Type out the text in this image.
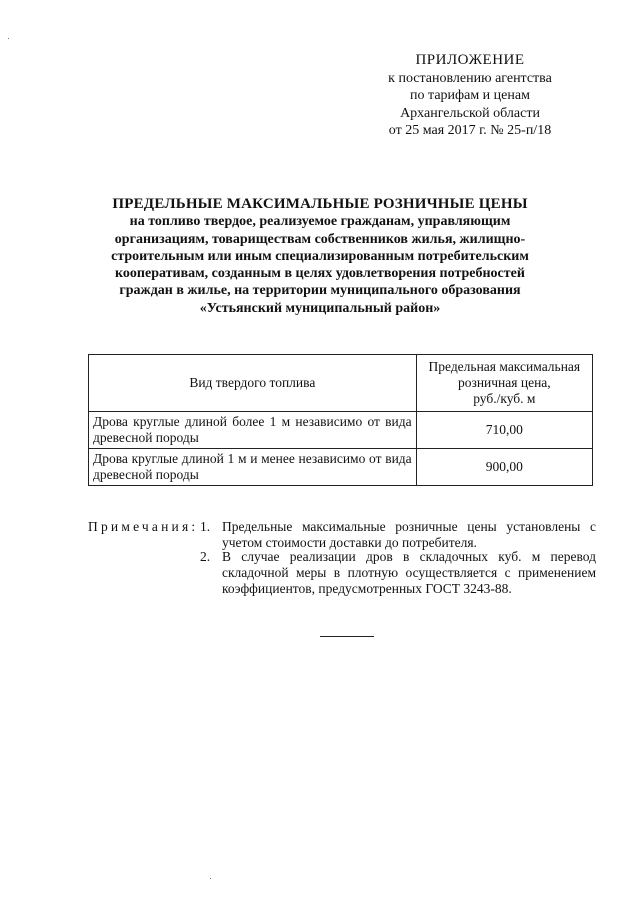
ПРИЛОЖЕНИЕ
к постановлению агентства
по тарифам и ценам
Архангельской области
от 25 мая 2017 г. № 25-п/18
ПРЕДЕЛЬНЫЕ МАКСИМАЛЬНЫЕ РОЗНИЧНЫЕ ЦЕНЫ
на топливо твердое, реализуемое гражданам, управляющим
организациям, товариществам собственников жилья, жилищно-
строительным или иным специализированным потребительским
кооперативам, созданным в целях удовлетворения потребностей
граждан в жилье, на территории муниципального образования
«Устьянский муниципальный район»
Вид твердого топлива	Предельная максимальная
розничная цена,
руб./куб. м

Дрова круглые длиной более 1 м независимо от вида древесной породы	710,00
Дрова круглые длиной 1 м и менее независимо от вида древесной породы	900,00
Примечания: 1. Предельные максимальные розничные цены установлены с учетом стоимости доставки до потребителя.
2. В случае реализации дров в складочных куб. м перевод складочной меры в плотную осуществляется с применением коэффициентов, предусмотренных ГОСТ 3243-88.
